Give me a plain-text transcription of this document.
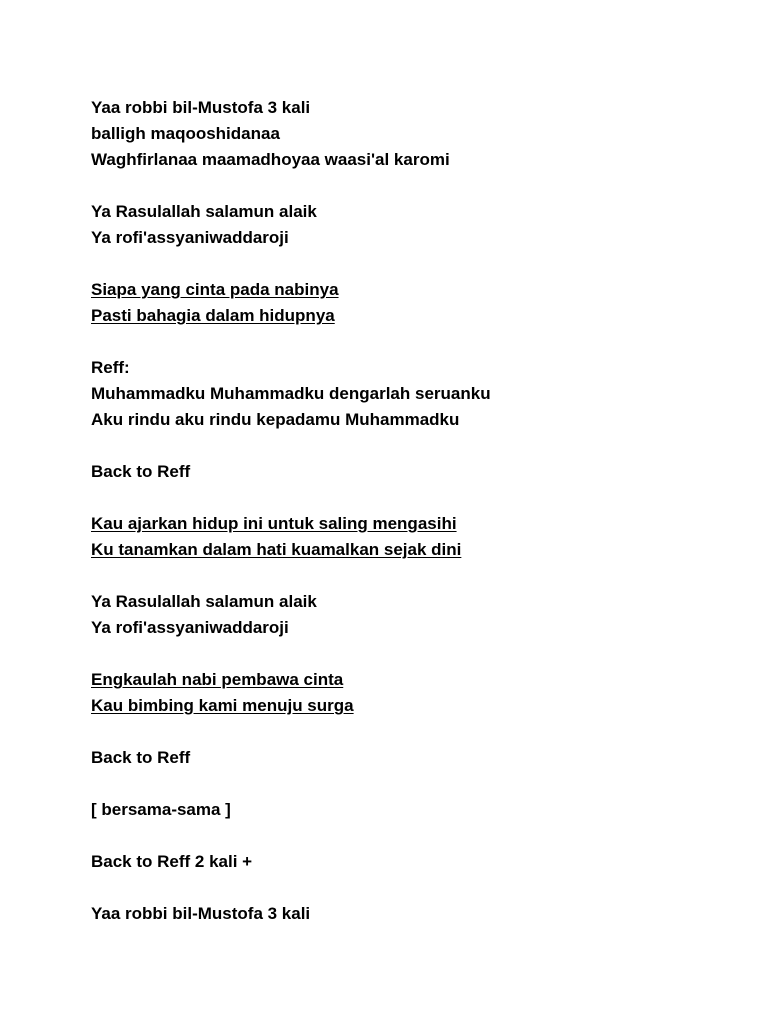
Yaa robbi bil-Mustofa 3 kali
balligh maqooshidanaa
Waghfirlanaa maamadhoyaa waasi'al karomi
Ya Rasulallah salamun alaik
Ya rofi'assyaniwaddaroji
Siapa yang cinta pada nabinya
Pasti bahagia dalam hidupnya
Reff:
Muhammadku Muhammadku dengarlah seruanku
Aku rindu aku rindu kepadamu Muhammadku
Back to Reff
Kau ajarkan hidup ini untuk saling mengasihi
Ku tanamkan dalam hati kuamalkan sejak dini
Ya Rasulallah salamun alaik
Ya rofi'assyaniwaddaroji
Engkaulah nabi pembawa cinta
Kau bimbing kami menuju surga
Back to Reff
[ bersama-sama ]
Back to Reff 2 kali +
Yaa robbi bil-Mustofa 3 kali
